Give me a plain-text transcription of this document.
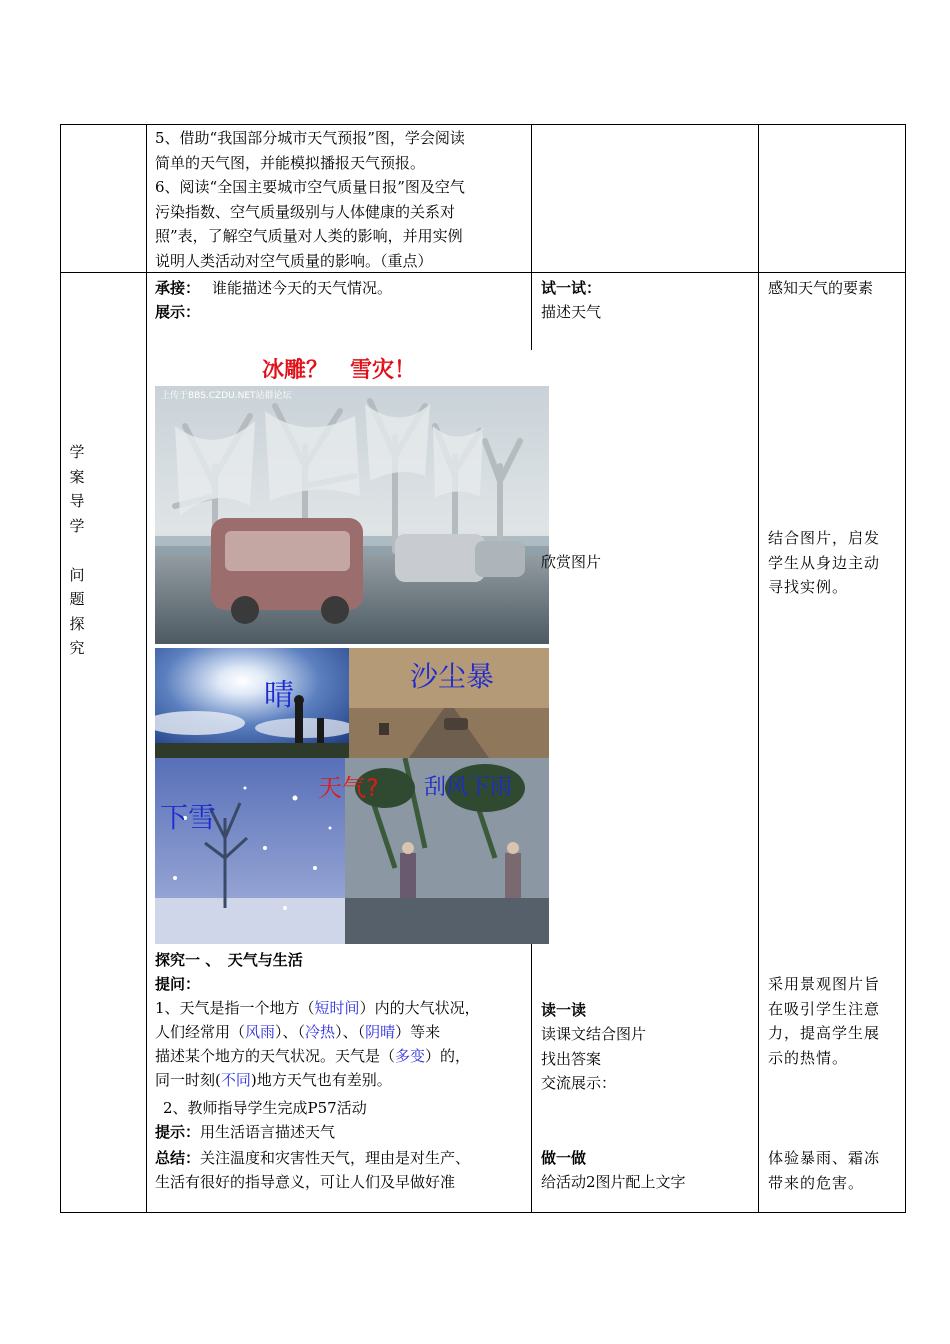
5、借助“我国部分城市天气预报”图，学会阅读
简单的天气图，并能模拟播报天气预报。
6、阅读“全国主要城市空气质量日报”图及空气
污染指数、空气质量级别与人体健康的关系对
照”表，了解空气质量对人类的影响，并用实例
说明人类活动对空气质量的影响。（重点）
学
案
导
学
问
题
探
究
承接： 谁能描述今天的天气情况。
展示：
试一试：
描述天气
感知天气的要素
冰雕？　雪灾！
上传于BBS.CZDU.NET站群论坛
欣赏图片
结合图片，启发
学生从身边主动
寻找实例。
晴
沙尘暴
下雪
刮风下雨
天气?
探究一 、　天气与生活
提问：
1、天气是指一个地方（短时间）内的大气状况，
人们经常用（风雨）、（冷热）、（阴晴）等来
描述某个地方的天气状况。天气是（多变）的，
同一时刻(不同)地方天气也有差别。
2、教师指导学生完成P57活动
提示：用生活语言描述天气
总结：关注温度和灾害性天气，理由是对生产、
生活有很好的指导意义，可让人们及早做好准
读一读
读课文结合图片
找出答案
交流展示：
做一做
给活动2图片配上文字
采用景观图片旨
在吸引学生注意
力，提高学生展
示的热情。
体验暴雨、霜冻
带来的危害。
